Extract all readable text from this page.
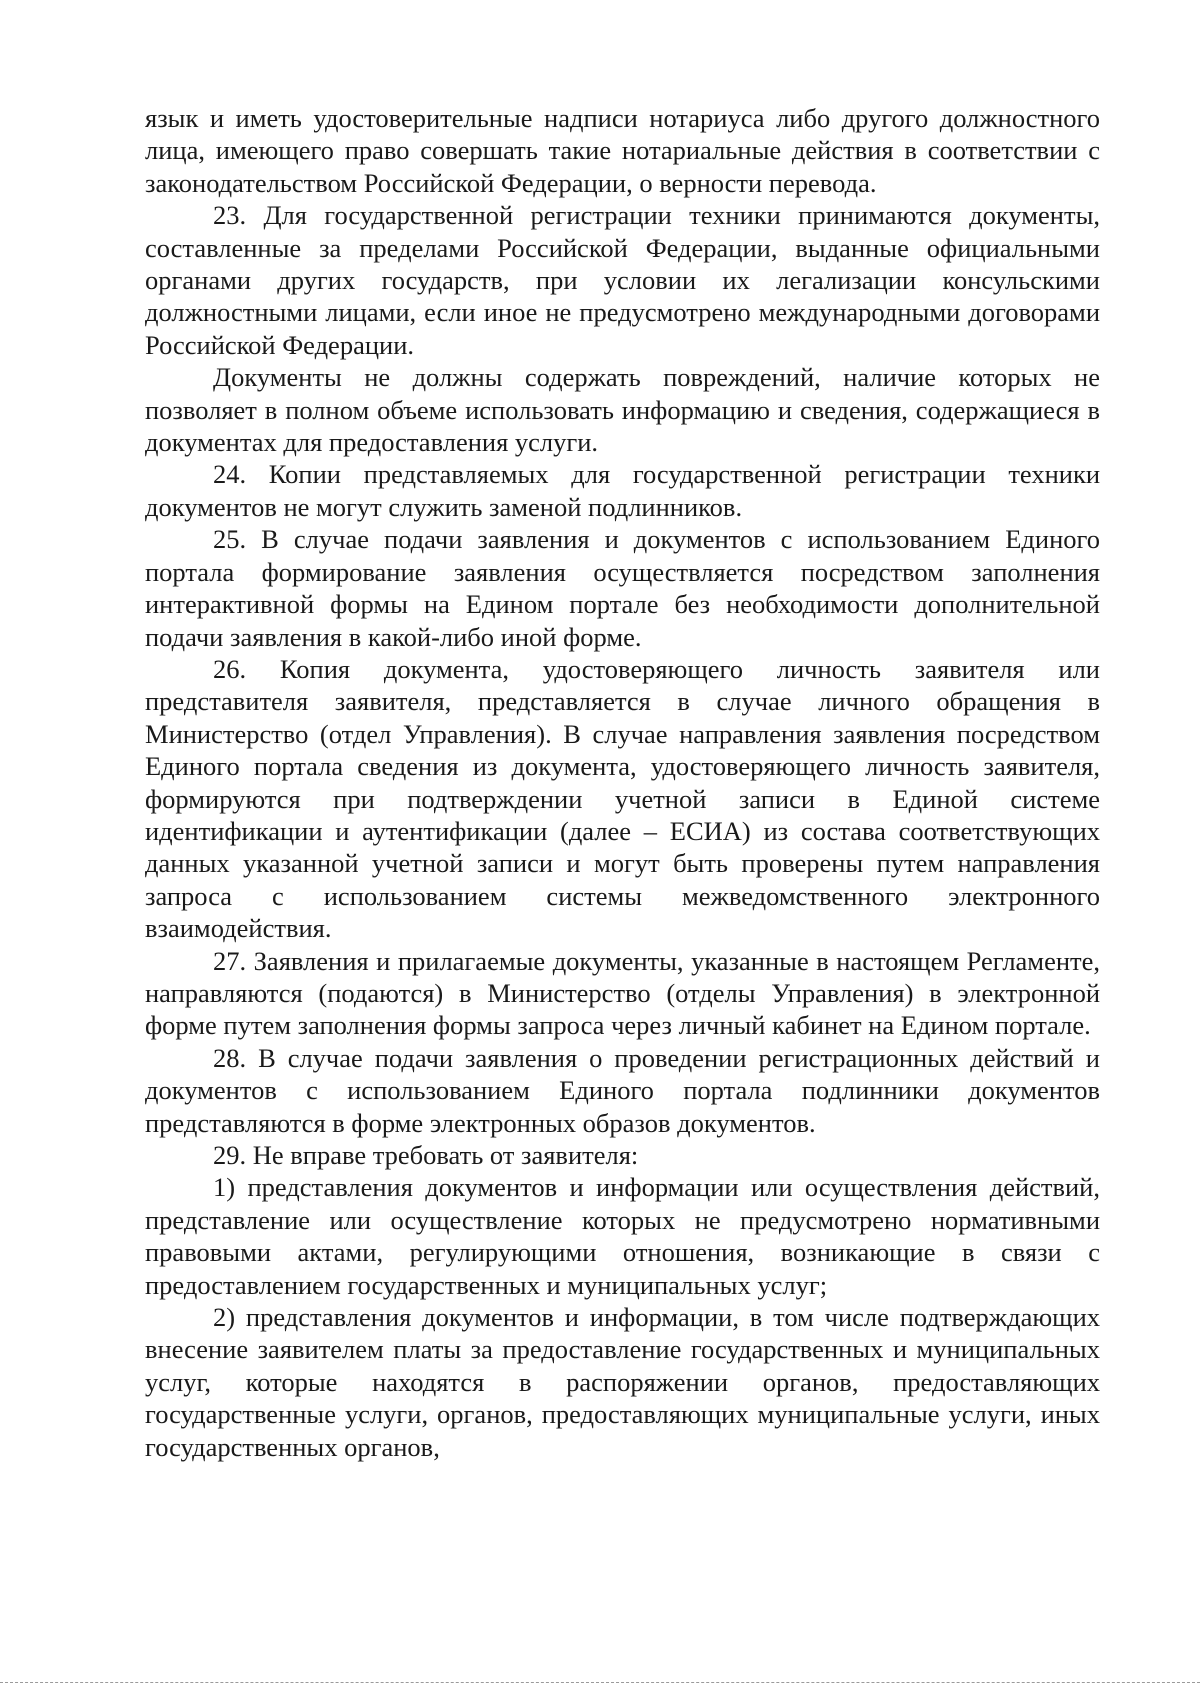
язык и иметь удостоверительные надписи нотариуса либо другого должностного лица, имеющего право совершать такие нотариальные действия в соответствии с законодательством Российской Федерации, о верности перевода.

23. Для государственной регистрации техники принимаются документы, составленные за пределами Российской Федерации, выданные официальными органами других государств, при условии их легализации консульскими должностными лицами, если иное не предусмотрено международными договорами Российской Федерации.

Документы не должны содержать повреждений, наличие которых не позволяет в полном объеме использовать информацию и сведения, содержащиеся в документах для предоставления услуги.

24. Копии представляемых для государственной регистрации техники документов не могут служить заменой подлинников.

25. В случае подачи заявления и документов с использованием Единого портала формирование заявления осуществляется посредством заполнения интерактивной формы на Едином портале без необходимости дополнительной подачи заявления в какой-либо иной форме.

26. Копия документа, удостоверяющего личность заявителя или представителя заявителя, представляется в случае личного обращения в Министерство (отдел Управления). В случае направления заявления посредством Единого портала сведения из документа, удостоверяющего личность заявителя, формируются при подтверждении учетной записи в Единой системе идентификации и аутентификации (далее – ЕСИА) из состава соответствующих данных указанной учетной записи и могут быть проверены путем направления запроса с использованием системы межведомственного электронного взаимодействия.

27. Заявления и прилагаемые документы, указанные в настоящем Регламенте, направляются (подаются) в Министерство (отделы Управления) в электронной форме путем заполнения формы запроса через личный кабинет на Едином портале.

28. В случае подачи заявления о проведении регистрационных действий и документов с использованием Единого портала подлинники документов представляются в форме электронных образов документов.

29. Не вправе требовать от заявителя:

1) представления документов и информации или осуществления действий, представление или осуществление которых не предусмотрено нормативными правовыми актами, регулирующими отношения, возникающие в связи с предоставлением государственных и муниципальных услуг;

2) представления документов и информации, в том числе подтверждающих внесение заявителем платы за предоставление государственных и муниципальных услуг, которые находятся в распоряжении органов, предоставляющих государственные услуги, органов, предоставляющих муниципальные услуги, иных государственных органов,
